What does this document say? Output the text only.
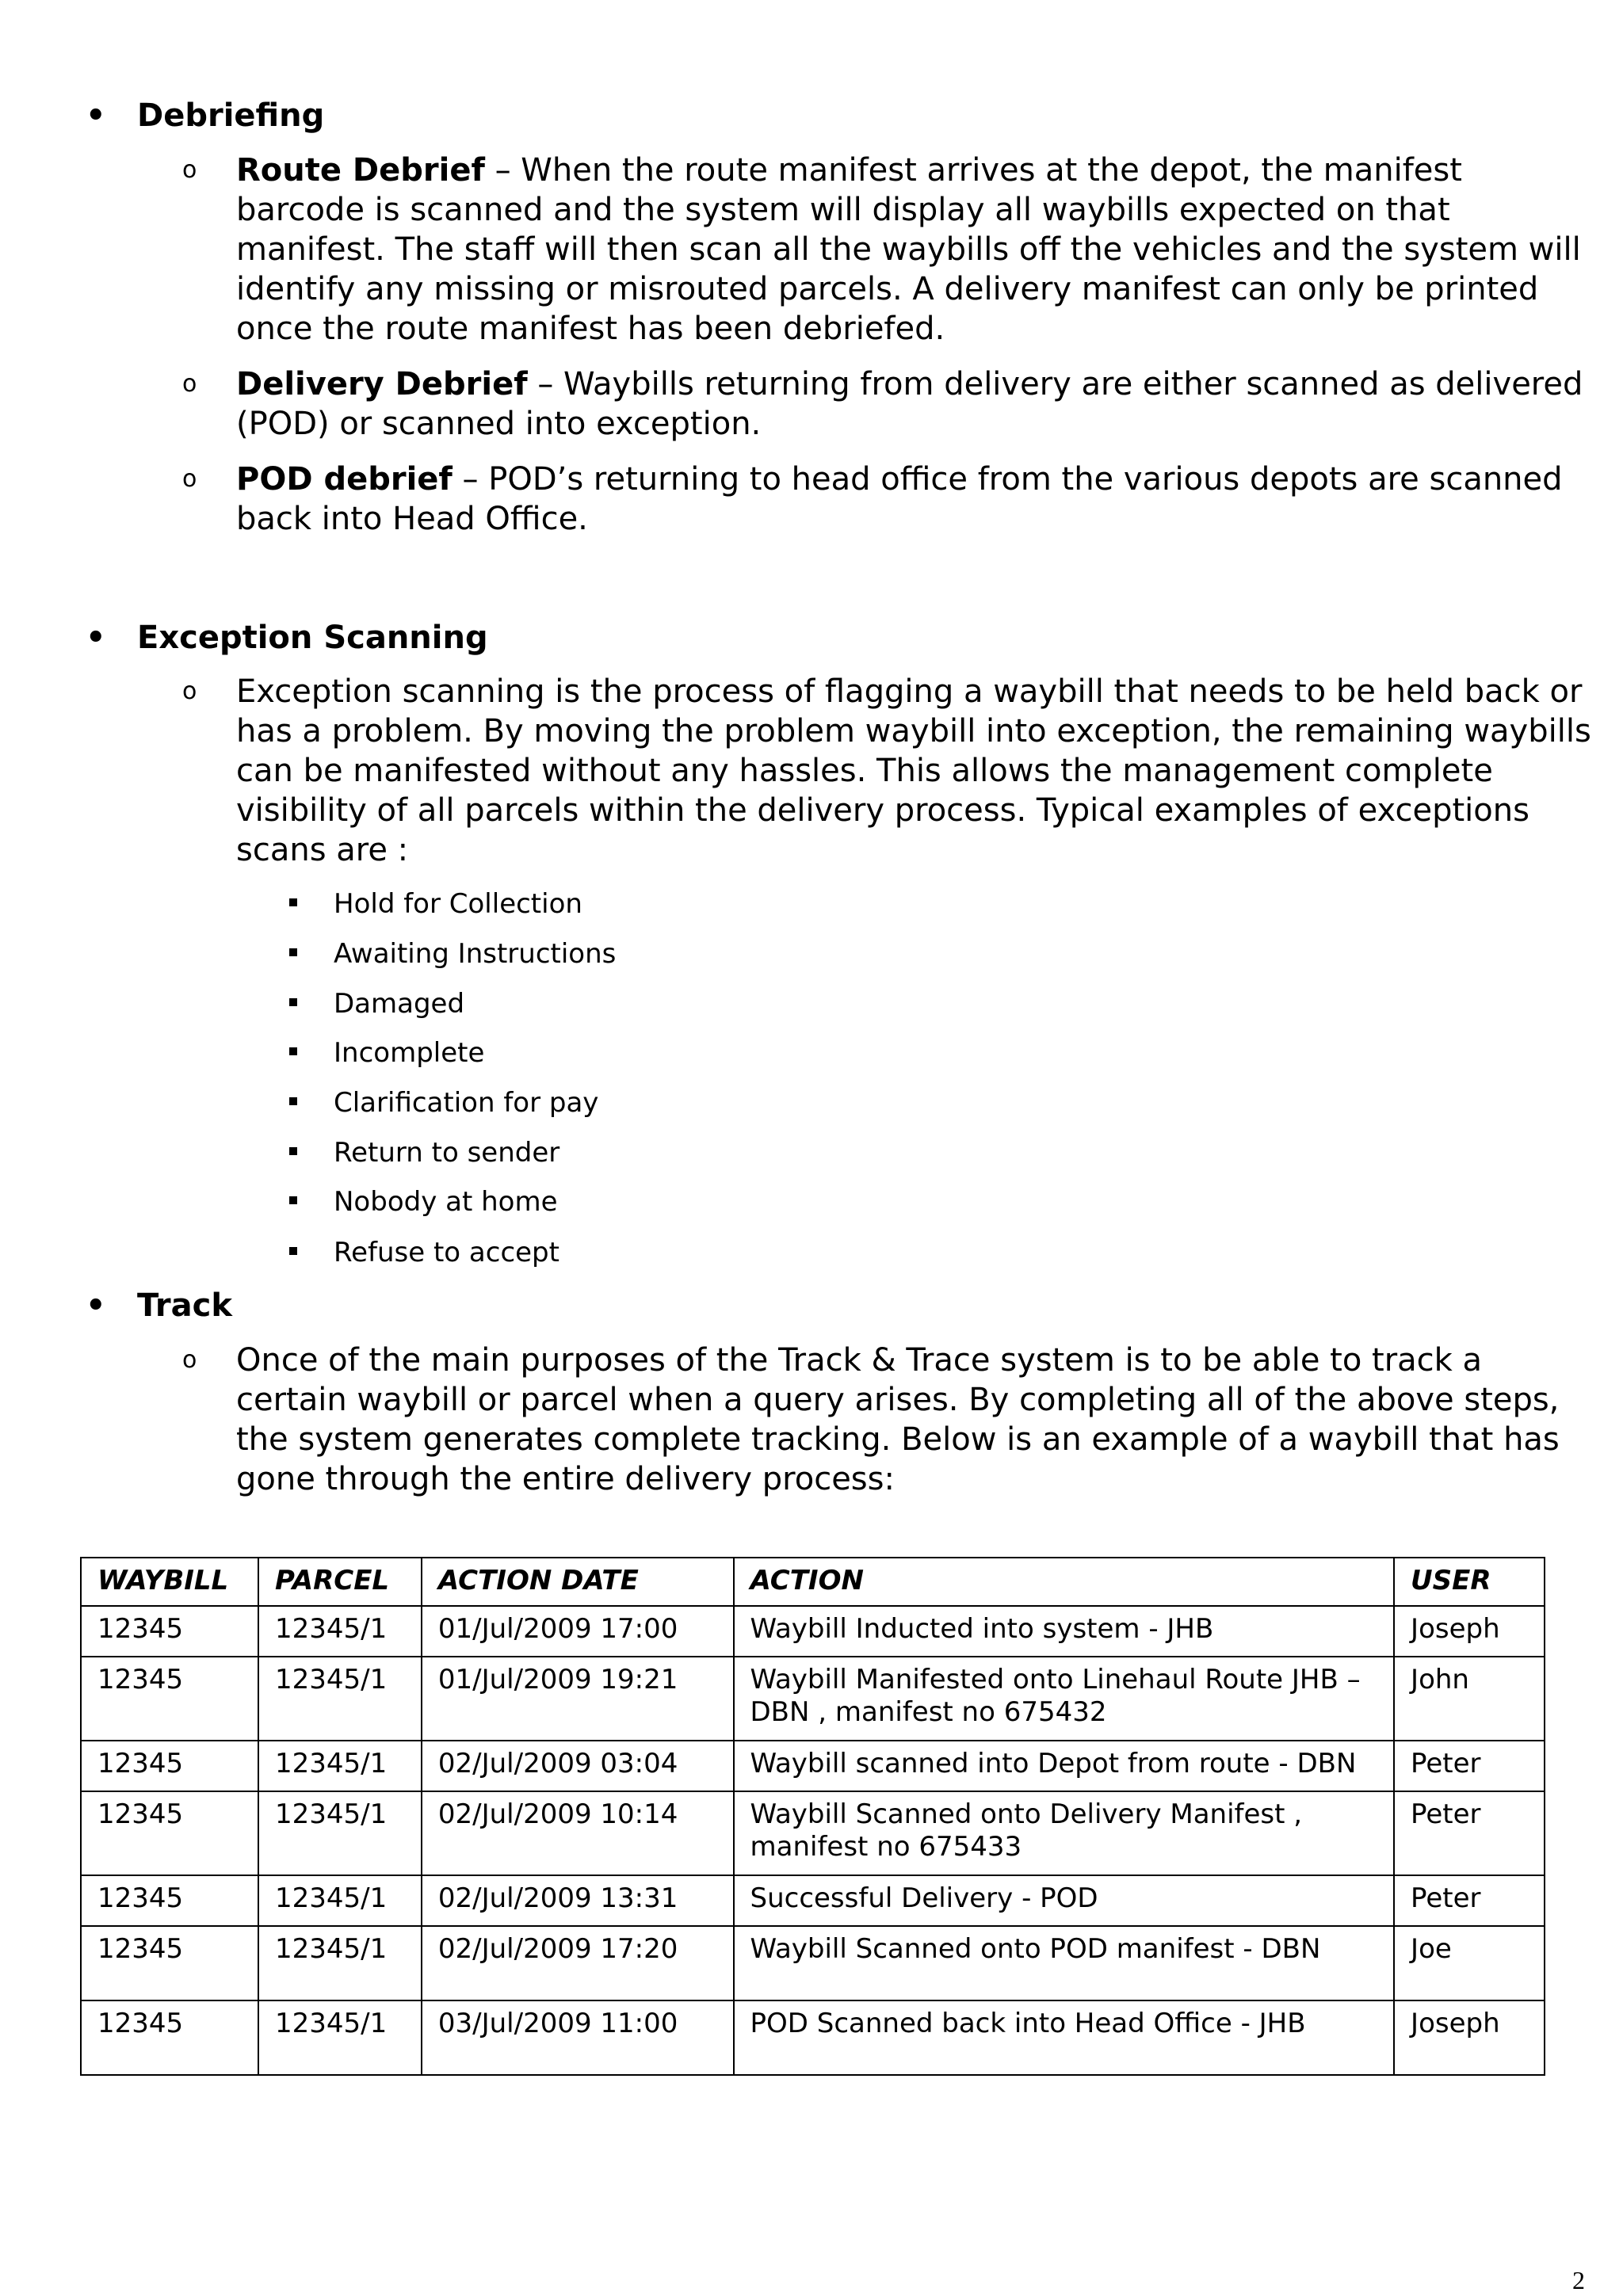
• Debriefing
o Route Debrief – When the route manifest arrives at the depot, the manifest barcode is scanned and the system will display all waybills expected on that manifest. The staff will then scan all the waybills off the vehicles and the system will identify any missing or misrouted parcels. A delivery manifest can only be printed once the route manifest has been debriefed.
o Delivery Debrief – Waybills returning from delivery are either scanned as delivered (POD) or scanned into exception.
o POD debrief – POD’s returning to head office from the various depots are scanned back into Head Office.
• Exception Scanning
o Exception scanning is the process of flagging a waybill that needs to be held back or has a problem. By moving the problem waybill into exception, the remaining waybills can be manifested without any hassles. This allows the management complete visibility of all parcels within the delivery process. Typical examples of exceptions scans are :
Hold for Collection
Awaiting Instructions
Damaged
Incomplete
Clarification for pay
Return to sender
Nobody at home
Refuse to accept
• Track
o Once of the main purposes of the Track & Trace system is to be able to track a certain waybill or parcel when a query arises. By completing all of the above steps, the system generates complete tracking. Below is an example of a waybill that has gone through the entire delivery process:
WAYBILL	PARCEL	ACTION DATE	ACTION	USER
12345	12345/1	01/Jul/2009 17:00	Waybill Inducted into system - JHB	Joseph
12345	12345/1	01/Jul/2009 19:21	Waybill Manifested onto Linehaul Route JHB – DBN , manifest no 675432	John
12345	12345/1	02/Jul/2009 03:04	Waybill scanned into Depot from route - DBN	Peter
12345	12345/1	02/Jul/2009 10:14	Waybill Scanned onto Delivery Manifest , manifest no 675433	Peter
12345	12345/1	02/Jul/2009 13:31	Successful Delivery - POD	Peter
12345	12345/1	02/Jul/2009 17:20	Waybill Scanned onto POD manifest - DBN	Joe
12345	12345/1	03/Jul/2009 11:00	POD Scanned back into Head Office - JHB	Joseph
2
